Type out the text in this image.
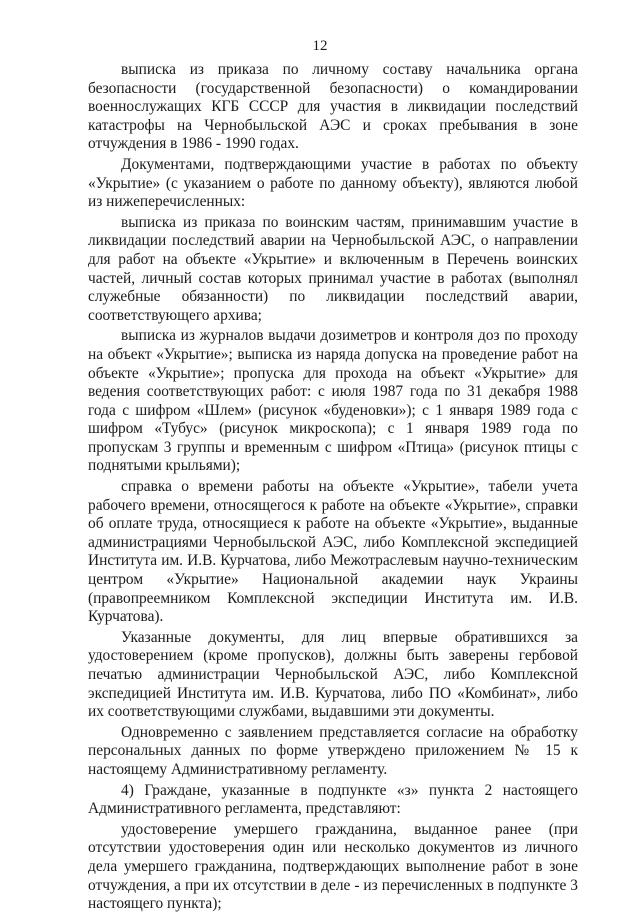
12

выписка из приказа по личному составу начальника органа безопасности (государственной безопасности) о командировании военнослужащих КГБ СССР для участия в ликвидации последствий катастрофы на Чернобыльской АЭС и сроках пребывания в зоне отчуждения в 1986 - 1990 годах.

Документами, подтверждающими участие в работах по объекту «Укрытие» (с указанием о работе по данному объекту), являются любой из нижеперечисленных:

выписка из приказа по воинским частям, принимавшим участие в ликвидации последствий аварии на Чернобыльской АЭС, о направлении для работ на объекте «Укрытие» и включенным в Перечень воинских частей, личный состав которых принимал участие в работах (выполнял служебные обязанности) по ликвидации последствий аварии, соответствующего архива;

выписка из журналов выдачи дозиметров и контроля доз по проходу на объект «Укрытие»; выписка из наряда допуска на проведение работ на объекте «Укрытие»; пропуска для прохода на объект «Укрытие» для ведения соответствующих работ: с июля 1987 года по 31 декабря 1988 года с шифром «Шлем» (рисунок «буденовки»); с 1 января 1989 года с шифром «Тубус» (рисунок микроскопа); с 1 января 1989 года по пропускам 3 группы и временным с шифром «Птица» (рисунок птицы с поднятыми крыльями);

справка о времени работы на объекте «Укрытие», табели учета рабочего времени, относящегося к работе на объекте «Укрытие», справки об оплате труда, относящиеся к работе на объекте «Укрытие», выданные администрациями Чернобыльской АЭС, либо Комплексной экспедицией Института им. И.В. Курчатова, либо Межотраслевым научно-техническим центром «Укрытие» Национальной академии наук Украины (правопреемником Комплексной экспедиции Института им. И.В. Курчатова).

Указанные документы, для лиц впервые обратившихся за удостоверением (кроме пропусков), должны быть заверены гербовой печатью администрации Чернобыльской АЭС, либо Комплексной экспедицией Института им. И.В. Курчатова, либо ПО «Комбинат», либо их соответствующими службами, выдавшими эти документы.

Одновременно с заявлением представляется согласие на обработку персональных данных по форме утверждено приложением № 15 к настоящему Административному регламенту.

4) Граждане, указанные в подпункте «з» пункта 2 настоящего Административного регламента, представляют:

удостоверение умершего гражданина, выданное ранее (при отсутствии удостоверения один или несколько документов из личного дела умершего гражданина, подтверждающих выполнение работ в зоне отчуждения, а при их отсутствии в деле - из перечисленных в подпункте 3 настоящего пункта);
